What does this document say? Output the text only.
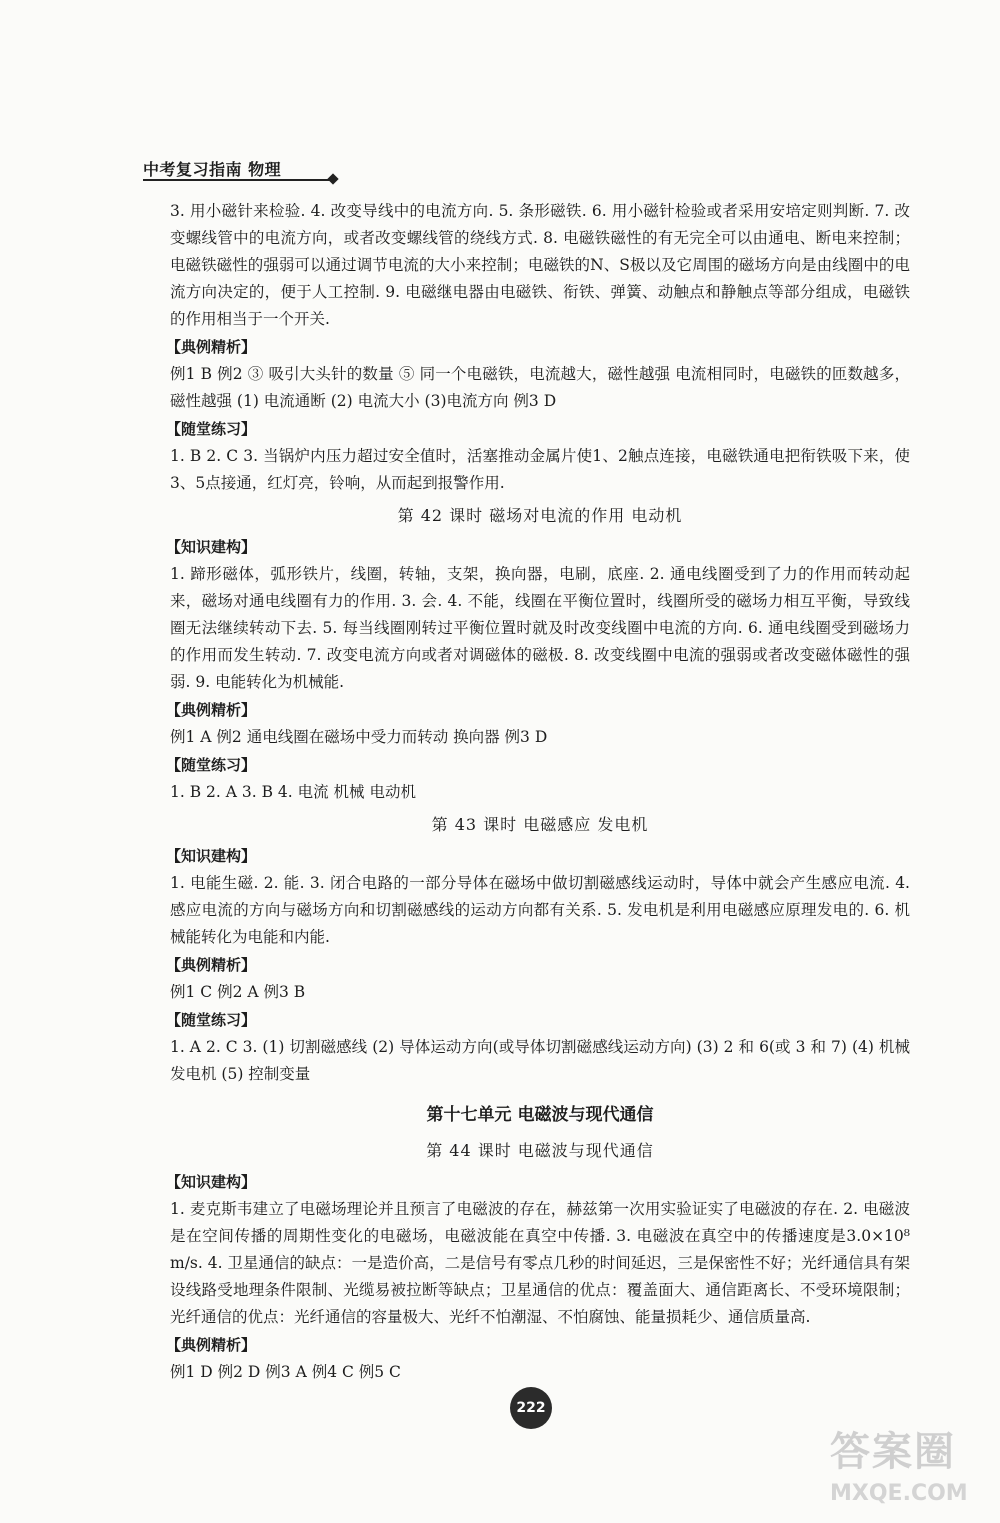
中考复习指南 物理

3. 用小磁针来检验. 4. 改变导线中的电流方向. 5. 条形磁铁. 6. 用小磁针检验或者采用安培定则判断. 7. 改变螺线管中的电流方向，或者改变螺线管的绕线方式. 8. 电磁铁磁性的有无完全可以由通电、断电来控制；电磁铁磁性的强弱可以通过调节电流的大小来控制；电磁铁的N、S极以及它周围的磁场方向是由线圈中的电流方向决定的，便于人工控制. 9. 电磁继电器由电磁铁、衔铁、弹簧、动触点和静触点等部分组成，电磁铁的作用相当于一个开关.

【典例精析】

例1 B 例2 ③ 吸引大头针的数量 ⑤ 同一个电磁铁，电流越大，磁性越强 电流相同时，电磁铁的匝数越多，磁性越强 (1) 电流通断 (2) 电流大小 (3)电流方向 例3 D

【随堂练习】

1. B 2. C 3. 当锅炉内压力超过安全值时，活塞推动金属片使1、2触点连接，电磁铁通电把衔铁吸下来，使3、5点接通，红灯亮，铃响，从而起到报警作用.

第 42 课时 磁场对电流的作用 电动机
【知识建构】

1. 蹄形磁体，弧形铁片，线圈，转轴，支架，换向器，电刷，底座. 2. 通电线圈受到了力的作用而转动起来，磁场对通电线圈有力的作用. 3. 会. 4. 不能，线圈在平衡位置时，线圈所受的磁场力相互平衡，导致线圈无法继续转动下去. 5. 每当线圈刚转过平衡位置时就及时改变线圈中电流的方向. 6. 通电线圈受到磁场力的作用而发生转动. 7. 改变电流方向或者对调磁体的磁极. 8. 改变线圈中电流的强弱或者改变磁体磁性的强弱. 9. 电能转化为机械能.

【典例精析】

例1 A 例2 通电线圈在磁场中受力而转动 换向器 例3 D

【随堂练习】

1. B 2. A 3. B 4. 电流 机械 电动机

第 43 课时 电磁感应 发电机
【知识建构】

1. 电能生磁. 2. 能. 3. 闭合电路的一部分导体在磁场中做切割磁感线运动时，导体中就会产生感应电流. 4. 感应电流的方向与磁场方向和切割磁感线的运动方向都有关系. 5. 发电机是利用电磁感应原理发电的. 6. 机械能转化为电能和内能.

【典例精析】

例1 C 例2 A 例3 B

【随堂练习】

1. A 2. C 3. (1) 切割磁感线 (2) 导体运动方向(或导体切割磁感线运动方向) (3) 2 和 6(或 3 和 7) (4) 机械 发电机 (5) 控制变量

第十七单元 电磁波与现代通信
第 44 课时 电磁波与现代通信
【知识建构】

1. 麦克斯韦建立了电磁场理论并且预言了电磁波的存在，赫兹第一次用实验证实了电磁波的存在. 2. 电磁波是在空间传播的周期性变化的电磁场，电磁波能在真空中传播. 3. 电磁波在真空中的传播速度是3.0×10⁸ m/s. 4. 卫星通信的缺点：一是造价高，二是信号有零点几秒的时间延迟，三是保密性不好；光纤通信具有架设线路受地理条件限制、光缆易被拉断等缺点；卫星通信的优点：覆盖面大、通信距离长、不受环境限制；光纤通信的优点：光纤通信的容量极大、光纤不怕潮湿、不怕腐蚀、能量损耗少、通信质量高.

【典例精析】

例1 D 例2 D 例3 A 例4 C 例5 C

222
答案圈
MXQE.COM
